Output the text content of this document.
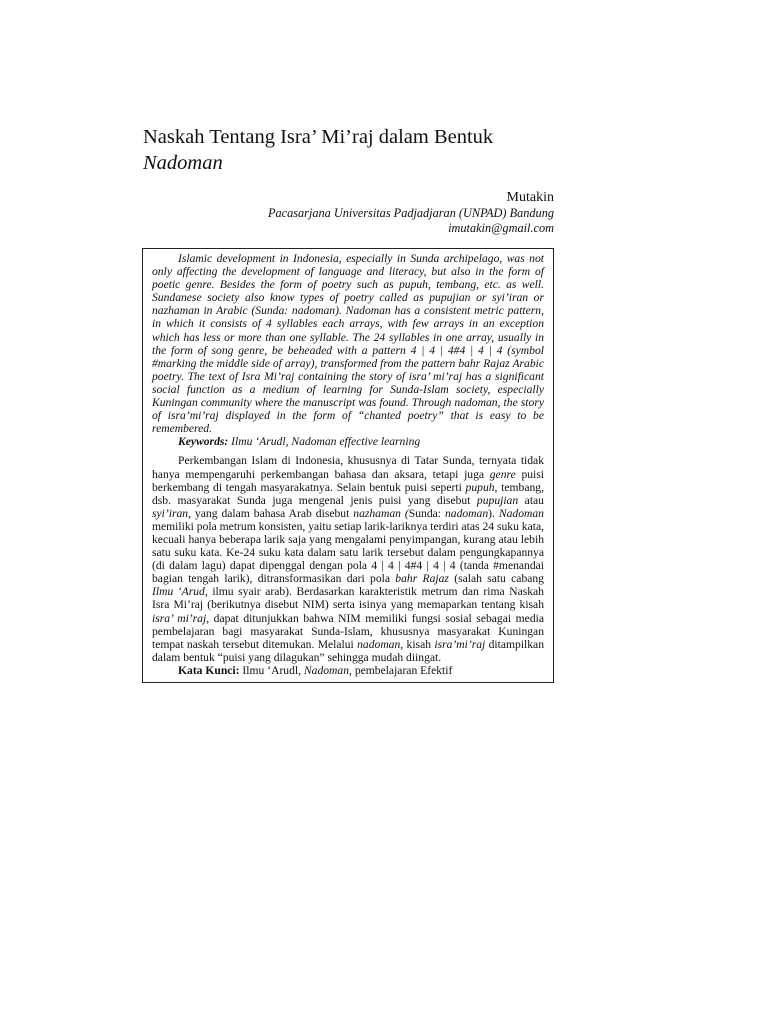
Naskah Tentang Isra’ Mi’raj dalam Bentuk
Nadoman
Mutakin
Pacasarjana Universitas Padjadjaran (UNPAD) Bandung
imutakin@gmail.com

Islamic development in Indonesia, especially in Sunda archipelago, was not only affecting the development of language and literacy, but also in the form of poetic genre. Besides the form of poetry such as pupuh, tembang, etc. as well. Sundanese society also know types of poetry called as pupujian or syi’iran or nazhaman in Arabic (Sunda: nadoman). Nadoman has a consistent metric pattern, in which it consists of 4 syllables each arrays, with few arrays in an exception which has less or more than one syllable. The 24 syllables in one array, usually in the form of song genre, be beheaded with a pattern 4 | 4 | 4#4 | 4 | 4 (symbol #marking the middle side of array), transformed from the pattern bahr Rajaz Arabic poetry. The text of Isra Mi’raj containing the story of isra’ mi’raj has a significant social function as a medium of learning for Sunda-Islam society, especially Kuningan community where the manuscript was found. Through nadoman, the story of isra’mi’raj displayed in the form of “chanted poetry” that is easy to be remembered.

Keywords: Ilmu ‘Arudl, Nadoman effective learning

Perkembangan Islam di Indonesia, khususnya di Tatar Sunda, ternyata tidak hanya mempengaruhi perkembangan bahasa dan aksara, tetapi juga genre puisi berkembang di tengah masyarakatnya. Selain bentuk puisi seperti pupuh, tembang, dsb. masyarakat Sunda juga mengenal jenis puisi yang disebut pupujian atau syi’iran, yang dalam bahasa Arab disebut nazhaman (Sunda: nadoman). Nadoman memiliki pola metrum konsisten, yaitu setiap larik-lariknya terdiri atas 24 suku kata, kecuali hanya beberapa larik saja yang mengalami penyimpangan, kurang atau lebih satu suku kata. Ke-24 suku kata dalam satu larik tersebut dalam pengungkapannya (di dalam lagu) dapat dipenggal dengan pola 4 | 4 | 4#4 | 4 | 4 (tanda #menandai bagian tengah larik), ditransformasikan dari pola bahr Rajaz (salah satu cabang Ilmu ‘Arud, ilmu syair arab). Berdasarkan karakteristik metrum dan rima Naskah Isra Mi’raj (berikutnya disebut NIM) serta isinya yang memaparkan tentang kisah isra’ mi’raj, dapat ditunjukkan bahwa NIM memiliki fungsi sosial sebagai media pembelajaran bagi masyarakat Sunda-Islam, khususnya masyarakat Kuningan tempat naskah tersebut ditemukan. Melalui nadoman, kisah isra’mi’raj ditampilkan dalam bentuk “puisi yang dilagukan” sehingga mudah diingat.

Kata Kunci: Ilmu ‘Arudl, Nadoman, pembelajaran Efektif
